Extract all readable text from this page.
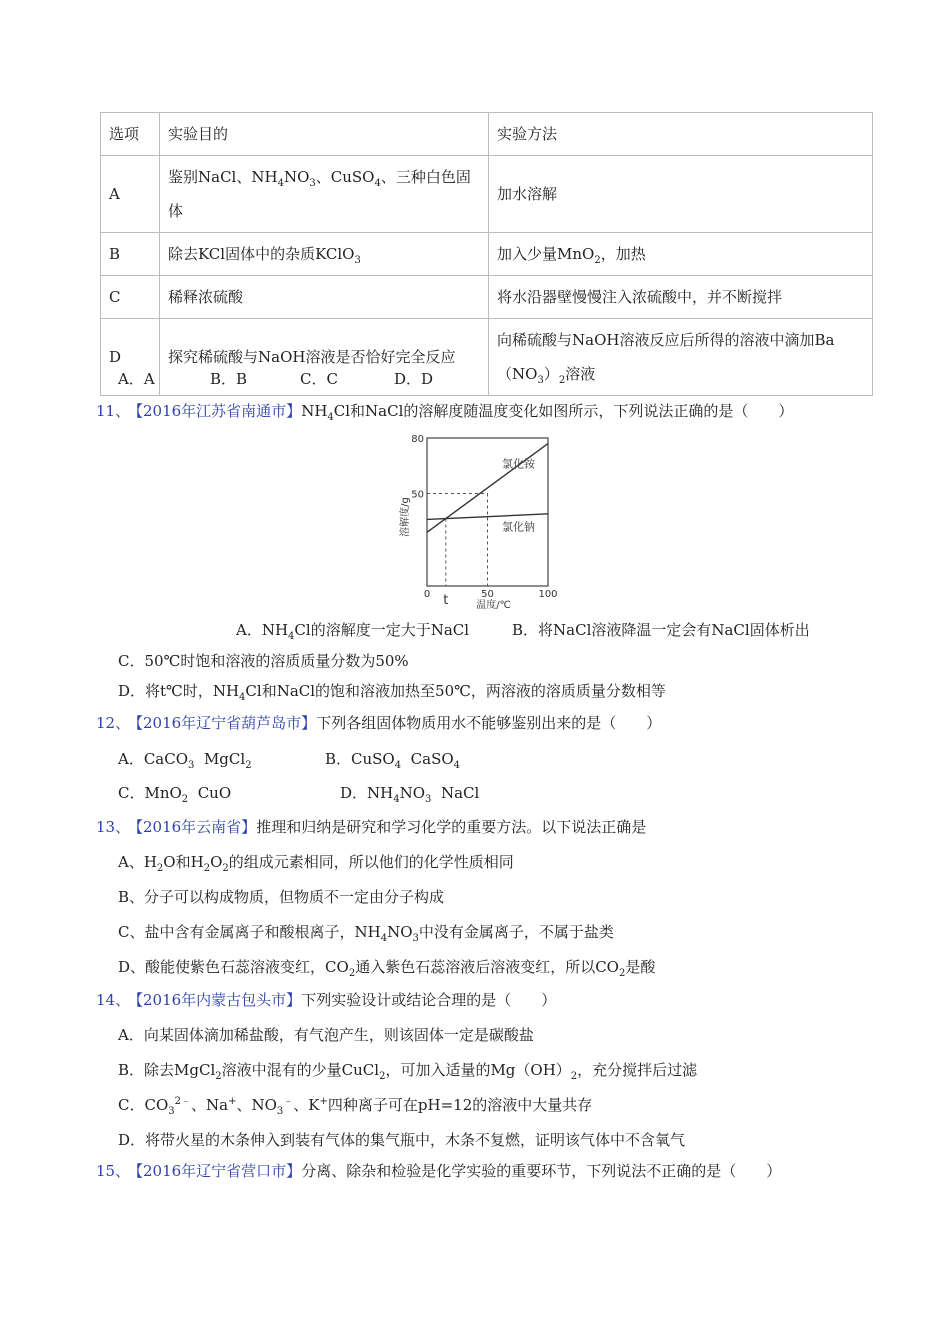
选项	实验目的	实验方法
A	鉴别NaCl、$NH_4NO_3$、CuSO$_4$、三种白色固体	加水溶解
B	除去KCl固体中的杂质KClO$_3$	加入少量MnO$_2$，加热
C	稀释浓硫酸	将水沿器壁慢慢注入浓硫酸中，并不断搅拌
D	探究稀硫酸与NaOH溶液是否恰好完全反应	向稀硫酸与NaOH溶液反应后所得的溶液中滴加$Ba(NO_3)_2$溶液
A．A	B．B	C．C	D．D
11、
【2016年江苏省南通市】$NH_4Cl$和NaCl的溶解度随温度变化如图所示，下列说法正确的是（　　）
0 t	50	100
50
80
氯化铵
氯化钠
温度/℃
溶解度/g
A．$NH_4Cl$的溶解度一定大于NaCl	B．将NaCl溶液降温一定会有NaCl固体析出
C．50℃时饱和溶液的溶质质量分数为50%
D．将t℃时，$NH_4Cl$和NaCl的饱和溶液加热至50℃，两溶液的溶质质量分数相等
12、
【2016年辽宁省葫芦岛市】下列各组固体物质用水不能够鉴别出来的是（　　）
A．CaCO$_3$  MgCl$_2$	B．CuSO$_4$  CaSO$_4$
C．MnO$_2$  CuO	D．$NH_4NO_3$  NaCl
13、
【2016年云南省】推理和归纳是研究和学习化学的重要方法。以下说法正确是
A、$H_2O$和$H_2O_2$的组成元素相同，所以他们的化学性质相同
B、分子可以构成物质，但物质不一定由分子构成
C、盐中含有金属离子和酸根离子，$NH_4NO_3$中没有金属离子，不属于盐类
D、酸能使紫色石蕊溶液变红，$CO_2$通入紫色石蕊溶液后溶液变红，所以$CO_2$是酸
14、
【2016年内蒙古包头市】下列实验设计或结论合理的是（　　）
A．向某固体滴加稀盐酸，有气泡产生，则该固体一定是碳酸盐
B．除去MgCl$_2$溶液中混有的少量CuCl$_2$，可加入适量的$Mg(OH)_2$，充分搅拌后过滤
C．$CO_3^{2﹣}$、Na+、$NO_3^﹣$、K+四种离子可在pH=12的溶液中大量共存
D．将带火星的木条伸入到装有气体的集气瓶中，木条不复燃，证明该气体中不含氧气
15、
【2016年辽宁省营口市】分离、除杂和检验是化学实验的重要环节，下列说法不正确的是（　　）
